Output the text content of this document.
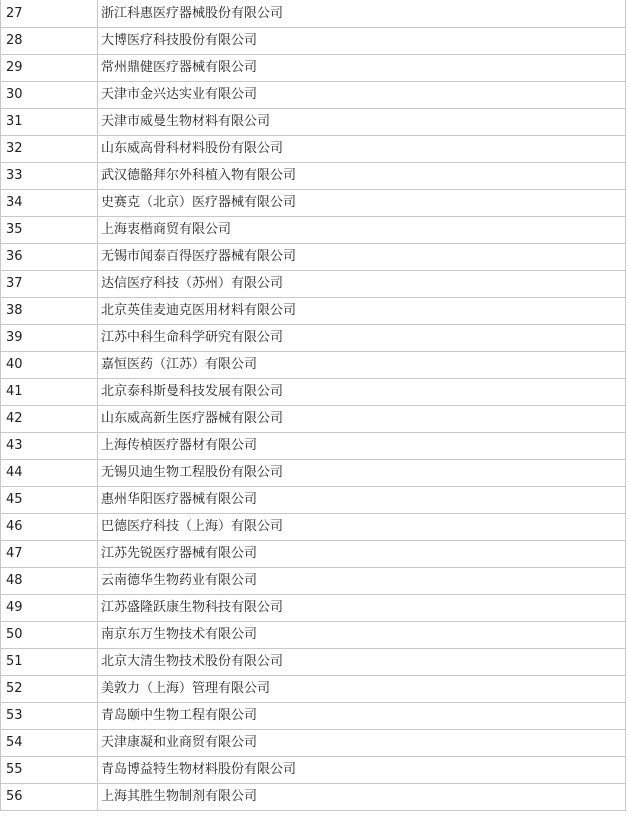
27	浙江科惠医疗器械股份有限公司
28	大博医疗科技股份有限公司
29	常州鼎健医疗器械有限公司
30	天津市金兴达实业有限公司
31	天津市威曼生物材料有限公司
32	山东威高骨科材料股份有限公司
33	武汉德骼拜尔外科植入物有限公司
34	史赛克（北京）医疗器械有限公司
35	上海衷楷商贸有限公司
36	无锡市闻泰百得医疗器械有限公司
37	达信医疗科技（苏州）有限公司
38	北京英佳麦迪克医用材料有限公司
39	江苏中科生命科学研究有限公司
40	嘉恒医药（江苏）有限公司
41	北京泰科斯曼科技发展有限公司
42	山东威高新生医疗器械有限公司
43	上海传楨医疗器材有限公司
44	无锡贝迪生物工程股份有限公司
45	惠州华阳医疗器械有限公司
46	巴德医疗科技（上海）有限公司
47	江苏先锐医疗器械有限公司
48	云南德华生物药业有限公司
49	江苏盛隆跃康生物科技有限公司
50	南京东万生物技术有限公司
51	北京大清生物技术股份有限公司
52	美敦力（上海）管理有限公司
53	青岛颐中生物工程有限公司
54	天津康凝和业商贸有限公司
55	青岛博益特生物材料股份有限公司
56	上海其胜生物制剂有限公司
